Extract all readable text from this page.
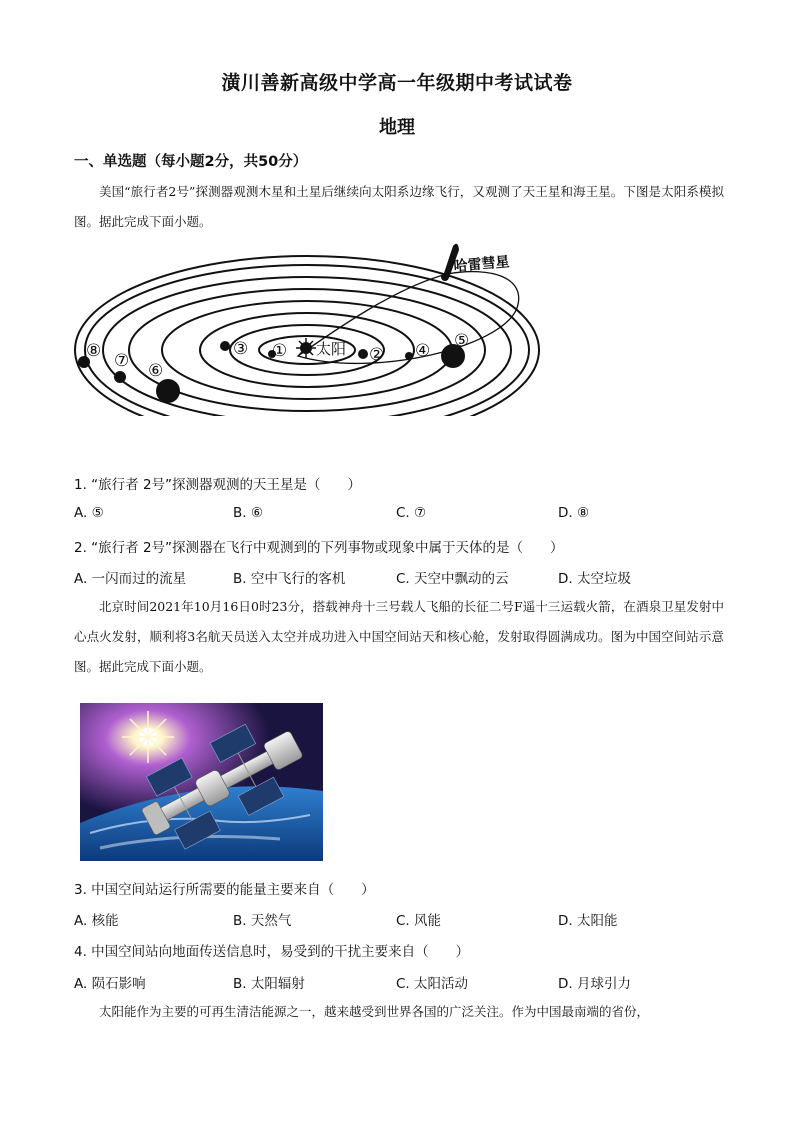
潢川善新高级中学高一年级期中考试试卷
地理
一、单选题（每小题2分，共50分）
美国“旅行者2号”探测器观测木星和土星后继续向太阳系边缘飞行，又观测了天王星和海王星。下图是太阳系模拟图。据此完成下面小题。
哈雷彗星
太阳
①	②
③	④ ⑤
⑥
⑦
⑧
1. “旅行者 2号”探测器观测的天王星是（　　）
A. ⑤	B. ⑥	C. ⑦	D. ⑧
2. “旅行者 2号”探测器在飞行中观测到的下列事物或现象中属于天体的是（　　）
A. 一闪而过的流星	B. 空中飞行的客机	C. 天空中飘动的云	D. 太空垃圾
北京时间2021年10月16日0时23分，搭载神舟十三号载人飞船的长征二号F遥十三运载火箭，在酒泉卫星发射中心点火发射，顺利将3名航天员送入太空并成功进入中国空间站天和核心舱，发射取得圆满成功。图为中国空间站示意图。据此完成下面小题。
3. 中国空间站运行所需要的能量主要来自（　　）
A. 核能	B. 天然气	C. 风能	D. 太阳能
4. 中国空间站向地面传送信息时，易受到的干扰主要来自（　　）
A. 陨石影响	B. 太阳辐射	C. 太阳活动	D. 月球引力
太阳能作为主要的可再生清洁能源之一，越来越受到世界各国的广泛关注。作为中国最南端的省份，
